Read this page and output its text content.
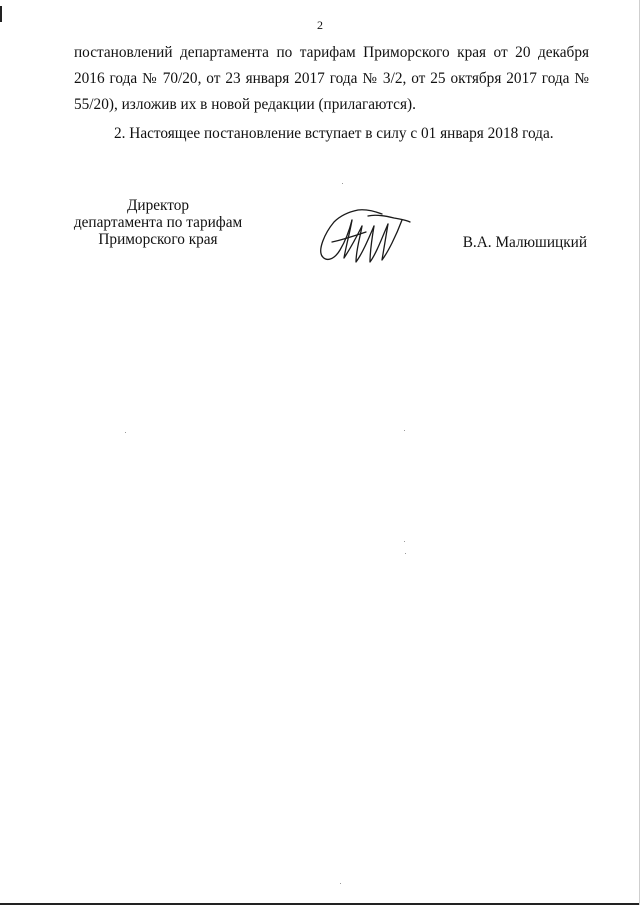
2

постановлений департамента по тарифам Приморского края от 20 декабря
2016 года № 70/20, от 23 января 2017 года № 3/2, от 25 октября 2017 года №
55/20), изложив их в новой редакции (прилагаются).

2. Настоящее постановление вступает в силу с 01 января 2018 года.

Директор
департамента по тарифам
Приморского края	В.А. Малюшицкий
